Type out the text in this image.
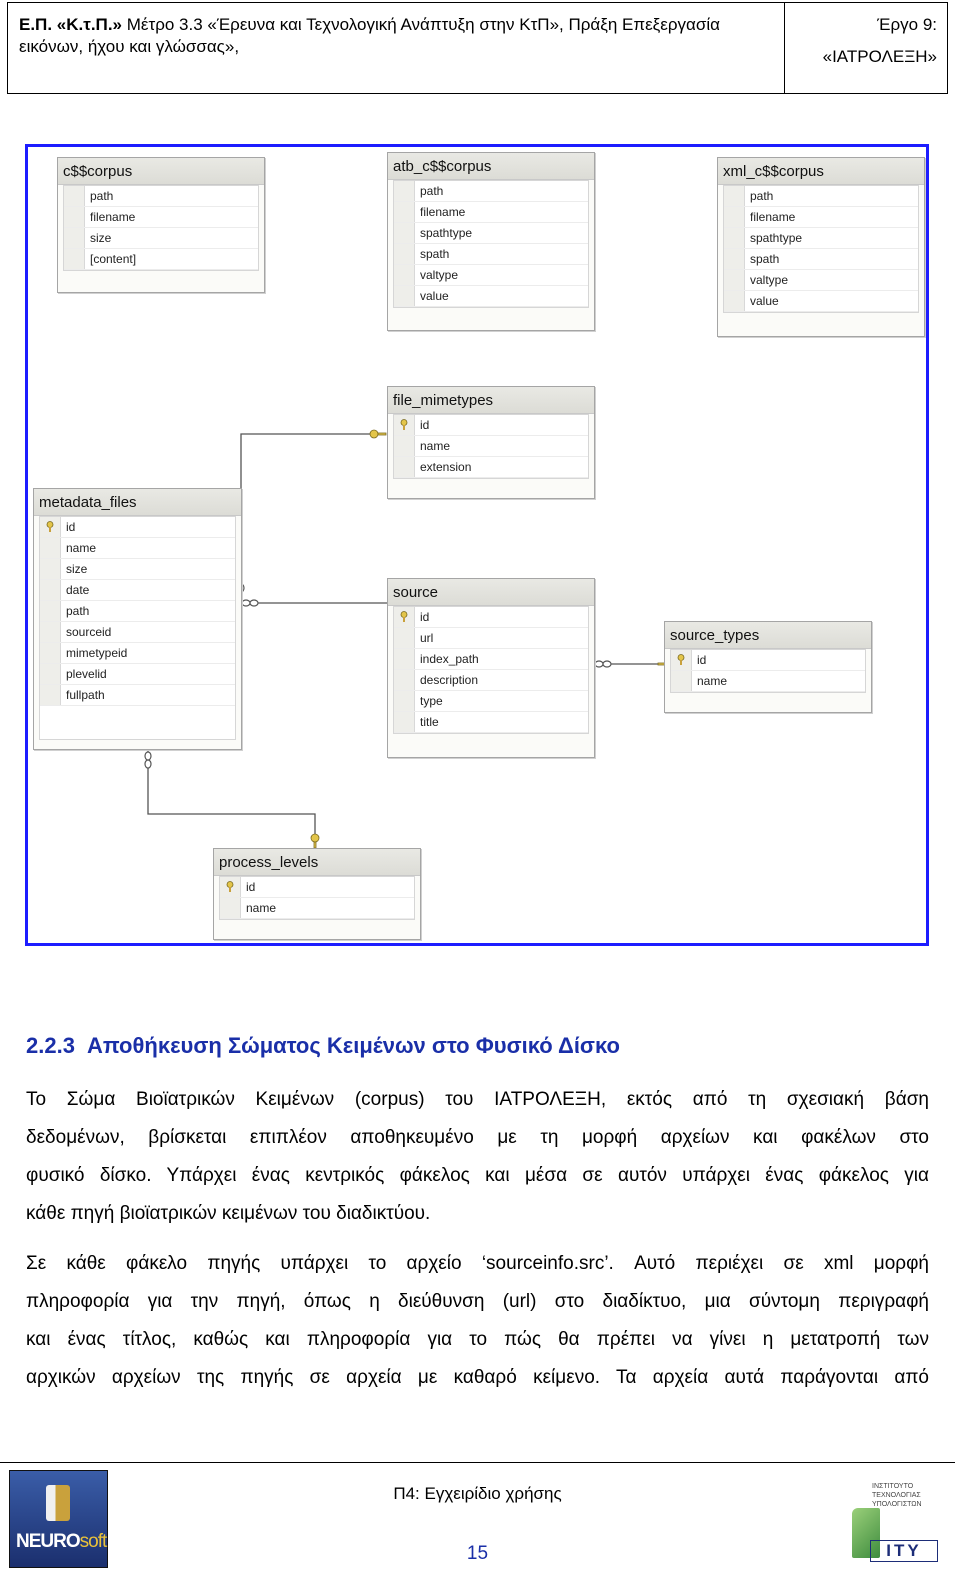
Ε.Π. «Κ.τ.Π.» Μέτρο 3.3 «Έρευνα και Τεχνολογική Ανάπτυξη στην ΚτΠ», Πράξη Επεξεργασία
εικόνων, ήχου και γλώσσας»,
Έργο 9:
«ΙΑΤΡΟΛΕΞΗ»
c$$corpus
path
filename
size
[content]
atb_c$$corpus
path
filename
spathtype
spath
valtype
value
xml_c$$corpus
path
filename
spathtype
spath
valtype
value
file_mimetypes
id
name
extension
metadata_files
id
name
size
date
path
sourceid
mimetypeid
plevelid
fullpath
source
id
url
index_path
description
type
title
source_types
id
name
process_levels
id
name
2.2.3 Αποθήκευση Σώματος Κειμένων στο Φυσικό Δίσκο
Το Σώμα Βιοϊατρικών Κειμένων (corpus) του ΙΑΤΡΟΛΕΞΗ, εκτός από τη σχεσιακή βάση
δεδομένων, βρίσκεται επιπλέον αποθηκευμένο με τη μορφή αρχείων και φακέλων στο
φυσικό δίσκο. Υπάρχει ένας κεντρικός φάκελος και μέσα σε αυτόν υπάρχει ένας φάκελος για
κάθε πηγή βιοϊατρικών κειμένων του διαδικτύου.
Σε κάθε φάκελο πηγής υπάρχει το αρχείο ‘sourceinfo.src’. Αυτό περιέχει σε xml μορφή
πληροφορία για την πηγή, όπως η διεύθυνση (url) στο διαδίκτυο, μια σύντομη περιγραφή
και ένας τίτλος, καθώς και πληροφορία για το πώς θα πρέπει να γίνει η μετατροπή των
αρχικών αρχείων της πηγής σε αρχεία με καθαρό κείμενο. Τα αρχεία αυτά παράγονται από
NEUROsoft
Π4: Εγχειρίδιο χρήσης
15
ΙΝΣΤΙΤΟΥΤΟ ΤΕΧΝΟΛΟΓΙΑΣ ΥΠΟΛΟΓΙΣΤΩΝ
ΙΤΥ
